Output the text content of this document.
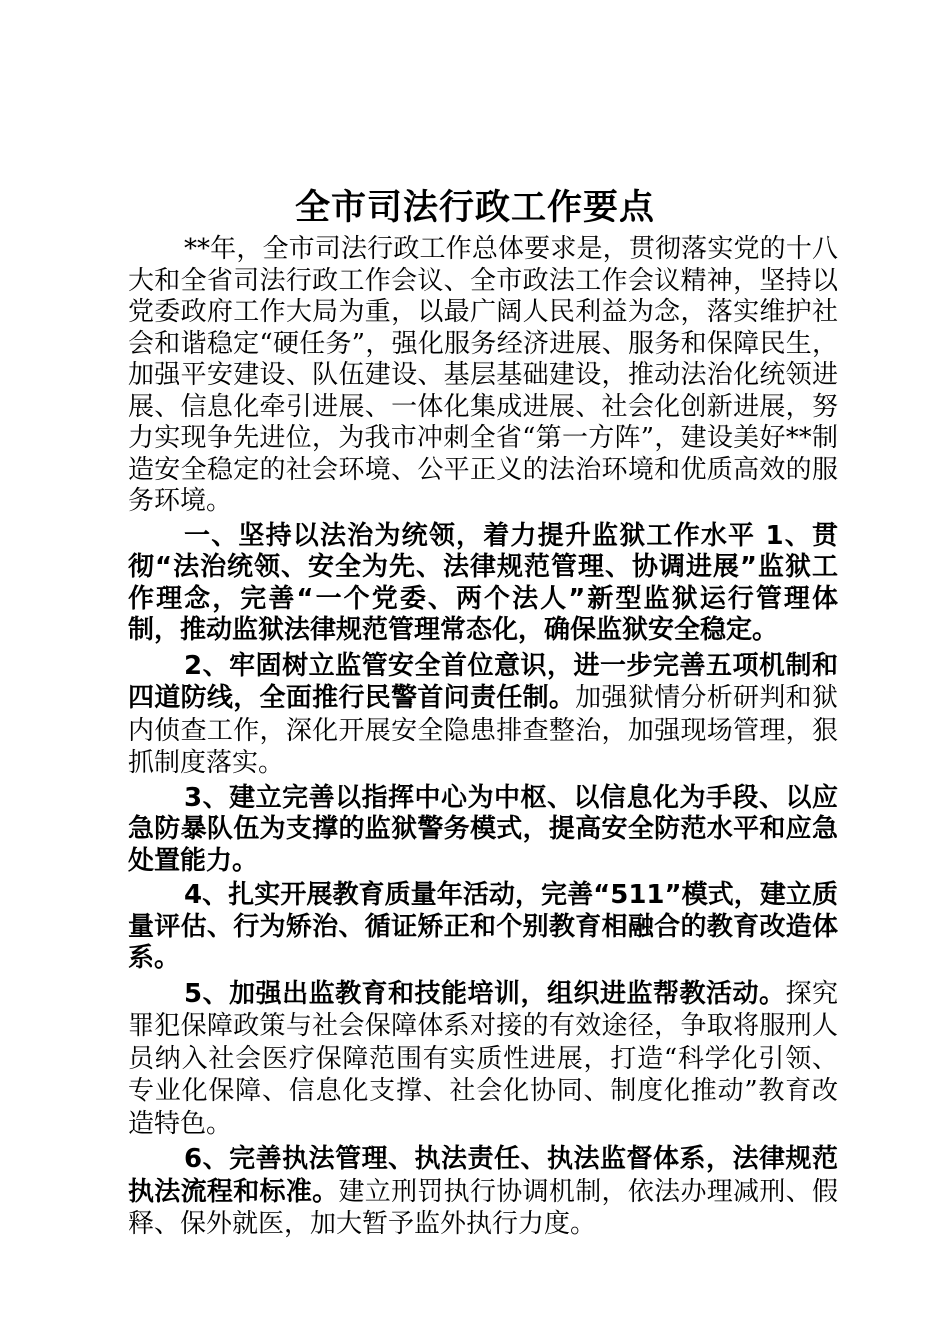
全市司法行政工作要点

**年，全市司法行政工作总体要求是，贯彻落实党的十八大和全省司法行政工作会议、全市政法工作会议精神，坚持以党委政府工作大局为重，以最广阔人民利益为念，落实维护社会和谐稳定“硬任务”，强化服务经济进展、服务和保障民生，加强平安建设、队伍建设、基层基础建设，推动法治化统领进展、信息化牵引进展、一体化集成进展、社会化创新进展，努力实现争先进位，为我市冲刺全省“第一方阵”，建设美好**制造安全稳定的社会环境、公平正义的法治环境和优质高效的服务环境。

一、坚持以法治为统领，着力提升监狱工作水平 1、贯彻“法治统领、安全为先、法律规范管理、协调进展”监狱工作理念，完善“一个党委、两个法人”新型监狱运行管理体制，推动监狱法律规范管理常态化，确保监狱安全稳定。

2、牢固树立监管安全首位意识，进一步完善五项机制和四道防线，全面推行民警首问责任制。加强狱情分析研判和狱内侦查工作，深化开展安全隐患排查整治，加强现场管理，狠抓制度落实。

3、建立完善以指挥中心为中枢、以信息化为手段、以应急防暴队伍为支撑的监狱警务模式，提高安全防范水平和应急处置能力。

4、扎实开展教育质量年活动，完善“511”模式，建立质量评估、行为矫治、循证矫正和个别教育相融合的教育改造体系。

5、加强出监教育和技能培训，组织进监帮教活动。探究罪犯保障政策与社会保障体系对接的有效途径，争取将服刑人员纳入社会医疗保障范围有实质性进展，打造“科学化引领、专业化保障、信息化支撑、社会化协同、制度化推动”教育改造特色。

6、完善执法管理、执法责任、执法监督体系，法律规范执法流程和标准。建立刑罚执行协调机制，依法办理减刑、假释、保外就医，加大暂予监外执行力度。
